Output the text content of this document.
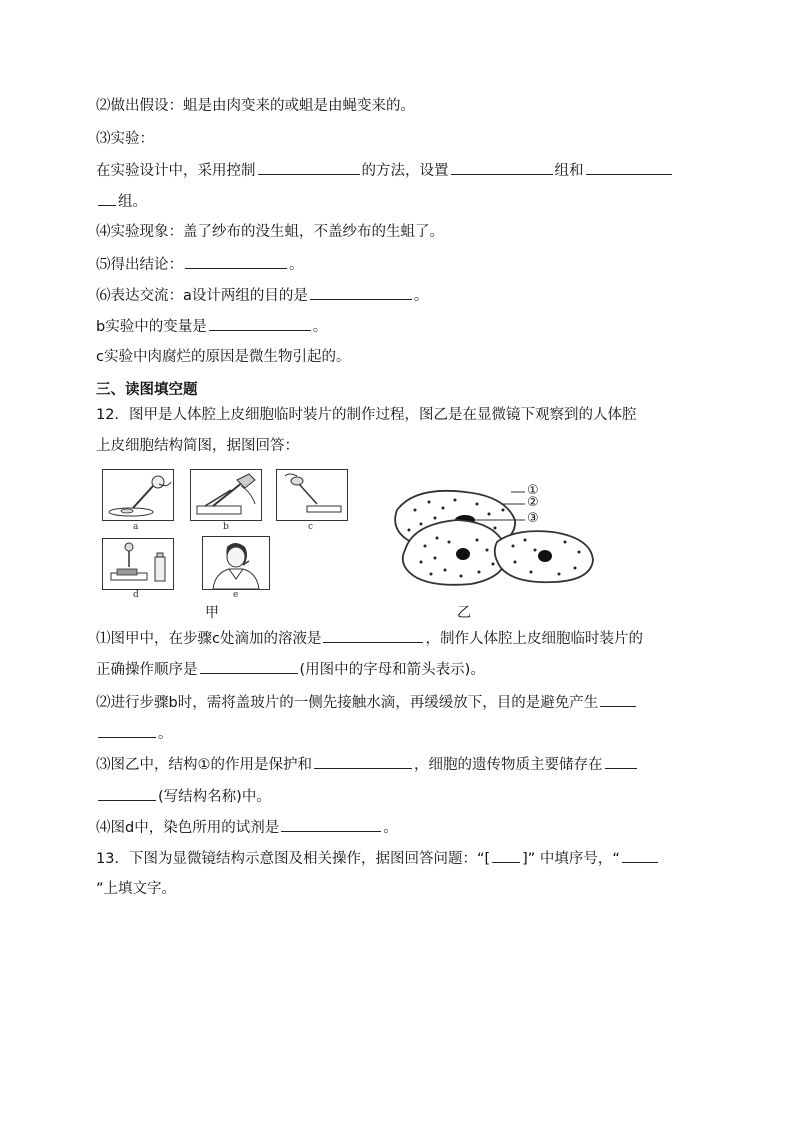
⑵做出假设：蛆是由肉变来的或蛆是由蝇变来的。
⑶实验：
在实验设计中，采用控制	的方法，设置	组和
组。
⑷实验现象：盖了纱布的没生蛆，不盖纱布的生蛆了。
⑸得出结论：	。
⑹表达交流：a设计两组的目的是	。
b实验中的变量是	。
c实验中肉腐烂的原因是微生物引起的。
三、读图填空题
12．图甲是人体腔上皮细胞临时装片的制作过程，图乙是在显微镜下观察到的人体腔
上皮细胞结构简图，据图回答：
a	b	c
d	e
甲
①
②
③
乙
⑴图甲中，在步骤c处滴加的溶液是	，制作人体腔上皮细胞临时装片的
正确操作顺序是	(用图中的字母和箭头表示)。
⑵进行步骤b时，需将盖玻片的一侧先接触水滴，再缓缓放下，目的是避免产生
。
⑶图乙中，结构①的作用是保护和	，细胞的遗传物质主要储存在
(写结构名称)中。
⑷图d中，染色所用的试剂是	。
13．下图为显微镜结构示意图及相关操作，据图回答问题：“[ ]” 中填序号，“
”上填文字。
